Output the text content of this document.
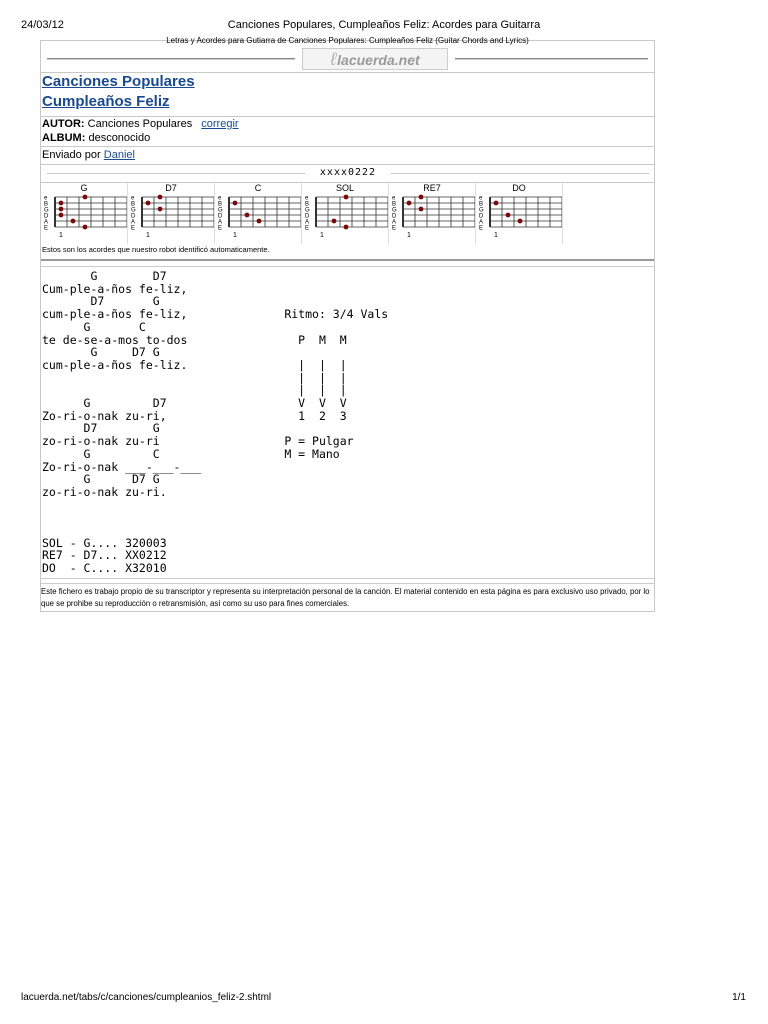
24/03/12	Canciones Populares, Cumpleaños Feliz: Acordes para Guitarra
Letras y Acordes para Gutiarra de Canciones Populares: Cumpleaños Feliz (Guitar Chords and Lyrics)
ℓlacuerda.net
Canciones Populares
Cumpleaños Feliz
AUTOR: Canciones Populares corregir
ALBUM: desconocido
Enviado por Daniel
xxxx0222
G
e
B
G
D
A
E
1
D7
e
B
G
D
A
E
1
C
e
B
G
D
A
E
1
SOL
e
B
G
D
A
E
1
RE7
e
B
G
D
A
E
1
DO
e
B
G
D
A
E
1
Estos son los acordes que nuestro robot identificó automaticamente.
G        D7
Cum-ple-a-ños fe-liz,
D7       G
cum-ple-a-ños fe-liz,              Ritmo: 3/4 Vals
G       C
te de-se-a-mos to-dos                P  M  M
G     D7 G
cum-ple-a-ños fe-liz.                |  |  |
|  |  |
|  |  |
G         D7                   V  V  V
Zo-ri-o-nak zu-ri,                   1  2  3
D7        G
zo-ri-o-nak zu-ri                  P = Pulgar
G         C                  M = Mano
Zo-ri-o-nak ___-___-___
G      D7 G
zo-ri-o-nak zu-ri.

SOL - G.... 320003
RE7 - D7... XX0212
DO  - C.... X32010
Este fichero es trabajo propio de su transcriptor y representa su interpretación personal de la canción. El material contenido en esta página es para exclusivo uso privado, por lo que se prohibe su reproducción o retransmisión, así como su uso para fines comerciales.
lacuerda.net/tabs/c/canciones/cumpleanios_feliz-2.shtml	1/1
